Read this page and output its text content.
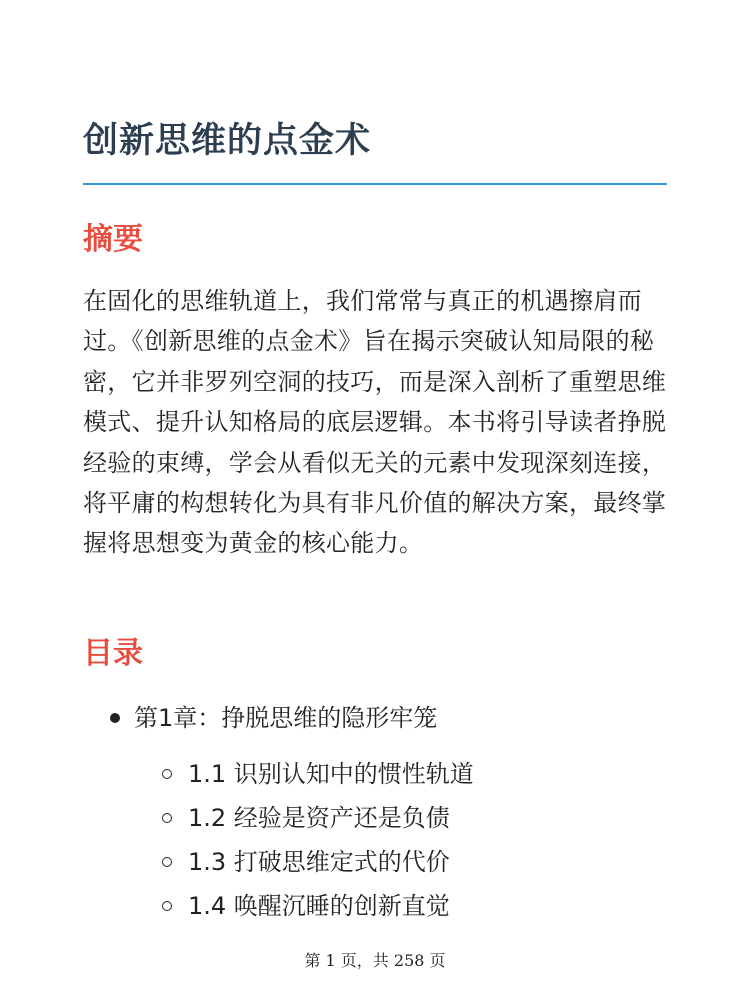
创新思维的点金术
摘要

在固化的思维轨道上，我们常常与真正的机遇擦肩而过。《创新思维的点金术》旨在揭示突破认知局限的秘密，它并非罗列空洞的技巧，而是深入剖析了重塑思维模式、提升认知格局的底层逻辑。本书将引导读者挣脱经验的束缚，学会从看似无关的元素中发现深刻连接，将平庸的构想转化为具有非凡价值的解决方案，最终掌握将思想变为黄金的核心能力。

目录
第1章：挣脱思维的隐形牢笼
1.1 识别认知中的惯性轨道
1.2 经验是资产还是负债
1.3 打破思维定式的代价
1.4 唤醒沉睡的创新直觉
第 1 页，共 258 页
